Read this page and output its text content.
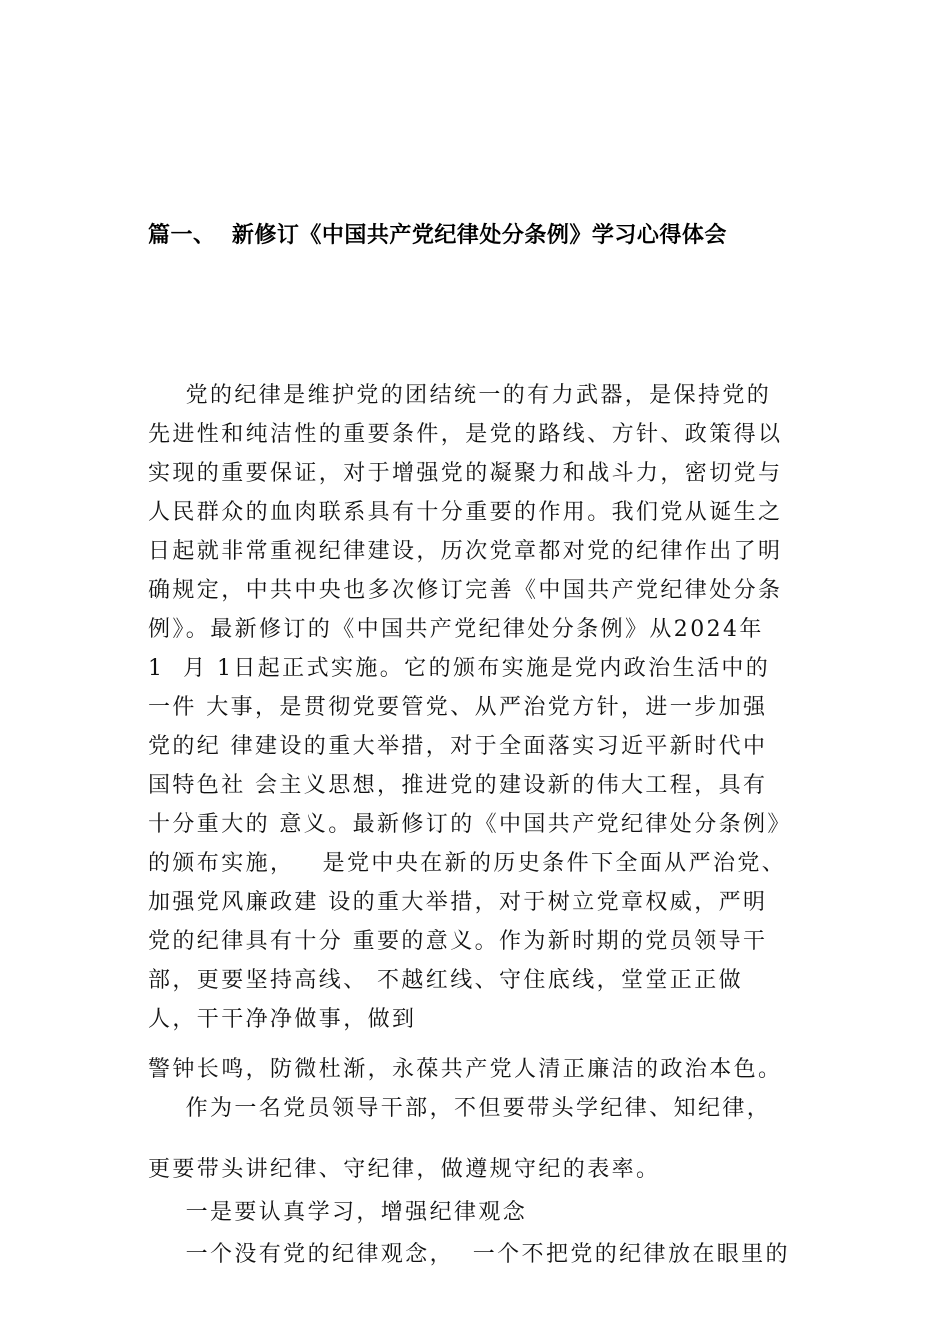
篇一、  新修订《中国共产党纪律处分条例》学习心得体会
党的纪律是维护党的团结统一的有力武器，是保持党的
先进性和纯洁性的重要条件，是党的路线、方针、政策得以
实现的重要保证，对于增强党的凝聚力和战斗力，密切党与
人民群众的血肉联系具有十分重要的作用。我们党从诞生之
日起就非常重视纪律建设，历次党章都对党的纪律作出了明
确规定，中共中央也多次修订完善《中国共产党纪律处分条
例》。最新修订的《中国共产党纪律处分条例》从2024年
1  月 1日起正式实施。它的颁布实施是党内政治生活中的
一件 大事，是贯彻党要管党、从严治党方针，进一步加强
党的纪 律建设的重大举措，对于全面落实习近平新时代中
国特色社 会主义思想，推进党的建设新的伟大工程，具有
十分重大的 意义。最新修订的《中国共产党纪律处分条例》
的颁布实施，   是党中央在新的历史条件下全面从严治党、
加强党风廉政建 设的重大举措，对于树立党章权威，严明
党的纪律具有十分 重要的意义。作为新时期的党员领导干
部，更要坚持高线、 不越红线、守住底线，堂堂正正做
人，干干净净做事，做到
警钟长鸣，防微杜渐，永葆共产党人清正廉洁的政治本色。
作为一名党员领导干部，不但要带头学纪律、知纪律，
更要带头讲纪律、守纪律，做遵规守纪的表率。
一是要认真学习，增强纪律观念
一个没有党的纪律观念，  一个不把党的纪律放在眼里的
